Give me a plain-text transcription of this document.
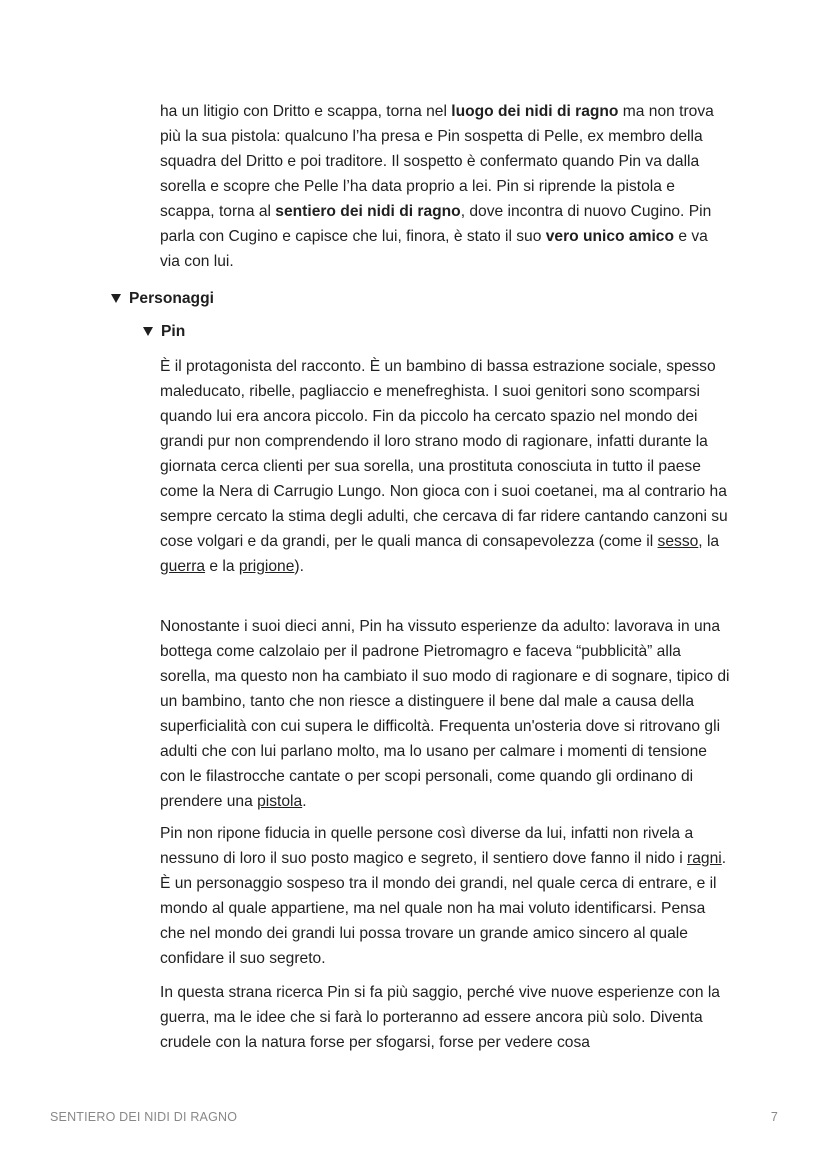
ha un litigio con Dritto e scappa, torna nel luogo dei nidi di ragno ma non trova più la sua pistola: qualcuno l’ha presa e Pin sospetta di Pelle, ex membro della squadra del Dritto e poi traditore. Il sospetto è confermato quando Pin va dalla sorella e scopre che Pelle l’ha data proprio a lei. Pin si riprende la pistola e scappa, torna al sentiero dei nidi di ragno, dove incontra di nuovo Cugino. Pin parla con Cugino e capisce che lui, finora, è stato il suo vero unico amico e va via con lui.

Personaggi
Pin

È il protagonista del racconto. È un bambino di bassa estrazione sociale, spesso maleducato, ribelle, pagliaccio e menefreghista. I suoi genitori sono scomparsi quando lui era ancora piccolo. Fin da piccolo ha cercato spazio nel mondo dei grandi pur non comprendendo il loro strano modo di ragionare, infatti durante la giornata cerca clienti per sua sorella, una prostituta conosciuta in tutto il paese come la Nera di Carrugio Lungo. Non gioca con i suoi coetanei, ma al contrario ha sempre cercato la stima degli adulti, che cercava di far ridere cantando canzoni su cose volgari e da grandi, per le quali manca di consapevolezza (come il sesso, la guerra e la prigione).

Nonostante i suoi dieci anni, Pin ha vissuto esperienze da adulto: lavorava in una bottega come calzolaio per il padrone Pietromagro e faceva “pubblicità” alla sorella, ma questo non ha cambiato il suo modo di ragionare e di sognare, tipico di un bambino, tanto che non riesce a distinguere il bene dal male a causa della superficialità con cui supera le difficoltà. Frequenta un'osteria dove si ritrovano gli adulti che con lui parlano molto, ma lo usano per calmare i momenti di tensione con le filastrocche cantate o per scopi personali, come quando gli ordinano di prendere una pistola.

Pin non ripone fiducia in quelle persone così diverse da lui, infatti non rivela a nessuno di loro il suo posto magico e segreto, il sentiero dove fanno il nido i ragni. È un personaggio sospeso tra il mondo dei grandi, nel quale cerca di entrare, e il mondo al quale appartiene, ma nel quale non ha mai voluto identificarsi. Pensa che nel mondo dei grandi lui possa trovare un grande amico sincero al quale confidare il suo segreto.

In questa strana ricerca Pin si fa più saggio, perché vive nuove esperienze con la guerra, ma le idee che si farà lo porteranno ad essere ancora più solo. Diventa crudele con la natura forse per sfogarsi, forse per vedere cosa

SENTIERO DEI NIDI DI RAGNO	7
